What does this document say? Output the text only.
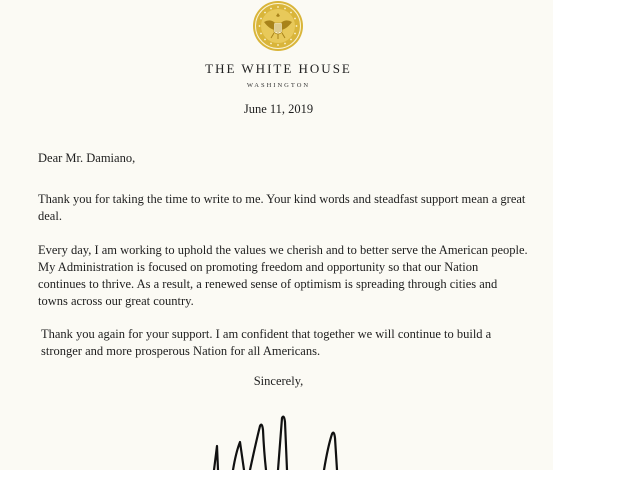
THE WHITE HOUSE
WASHINGTON
June 11, 2019
Dear Mr. Damiano,

Thank you for taking the time to write to me. Your kind words and steadfast support mean a great deal.

Every day, I am working to uphold the values we cherish and to better serve the American people. My Administration is focused on promoting freedom and opportunity so that our Nation continues to thrive. As a result, a renewed sense of optimism is spreading through cities and towns across our great country.

Thank you again for your support. I am confident that together we will continue to build a stronger and more prosperous Nation for all Americans.

Sincerely,
